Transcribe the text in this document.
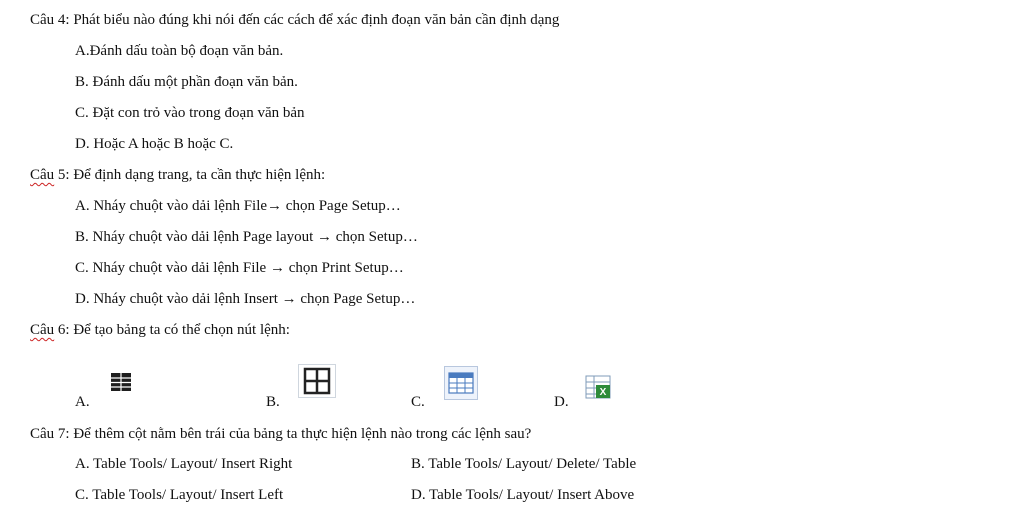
Câu 4: Phát biểu nào đúng khi nói đến các cách để xác định đoạn văn bản cần định dạng
A.Đánh dấu toàn bộ đoạn văn bản.
B. Đánh dấu một phần đoạn văn bản.
C. Đặt con trỏ vào trong đoạn văn bản
D. Hoặc A hoặc B hoặc C.
Câu 5: Để định dạng trang, ta cần thực hiện lệnh:
A. Nháy chuột vào dải lệnh File→ chọn Page Setup…
B. Nháy chuột vào dải lệnh Page layout → chọn Setup…
C. Nháy chuột vào dải lệnh File → chọn Print Setup…
D. Nháy chuột vào dải lệnh Insert → chọn Page Setup…
Câu 6: Để tạo bảng ta có thể chọn nút lệnh:
A.	B.	C.	D.
X
Câu 7: Để thêm cột nằm bên trái của bảng ta thực hiện lệnh nào trong các lệnh sau?
A. Table Tools/ Layout/ Insert Right	B. Table Tools/ Layout/ Delete/ Table
C. Table Tools/ Layout/ Insert Left	D. Table Tools/ Layout/ Insert Above
